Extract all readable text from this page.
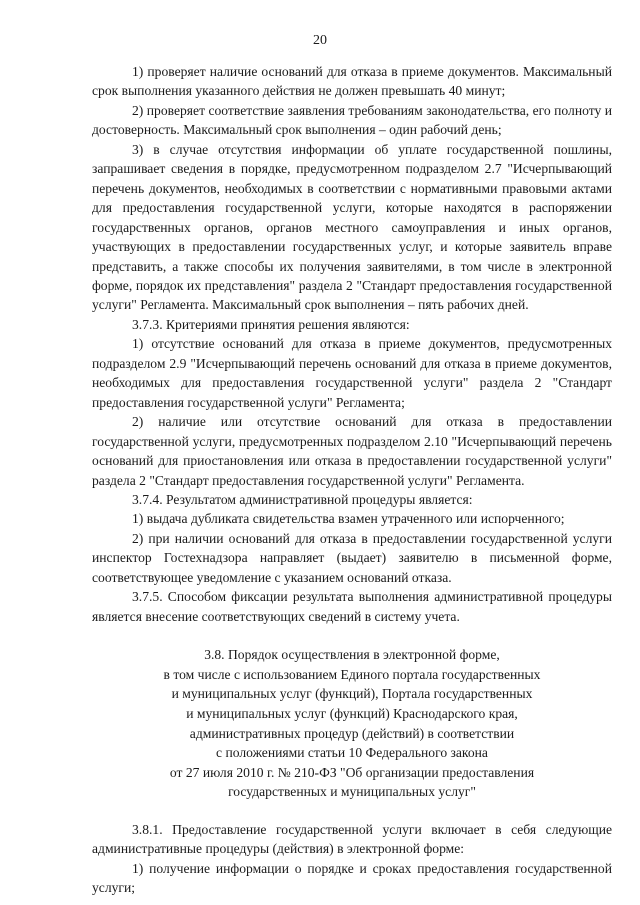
20

1) проверяет наличие оснований для отказа в приеме документов. Максимальный срок выполнения указанного действия не должен превышать 40 минут;

2) проверяет соответствие заявления требованиям законодательства, его полноту и достоверность. Максимальный срок выполнения – один рабочий день;

3) в случае отсутствия информации об уплате государственной пошлины, запрашивает сведения в порядке, предусмотренном подразделом 2.7 "Исчерпывающий перечень документов, необходимых в соответствии с нормативными правовыми актами для предоставления государственной услуги, которые находятся в распоряжении государственных органов, органов местного самоуправления и иных органов, участвующих в предоставлении государственных услуг, и которые заявитель вправе представить, а также способы их получения заявителями, в том числе в электронной форме, порядок их представления" раздела 2 "Стандарт предоставления государственной услуги" Регламента. Максимальный срок выполнения – пять рабочих дней.

3.7.3. Критериями принятия решения являются:

1) отсутствие оснований для отказа в приеме документов, предусмотренных подразделом 2.9 "Исчерпывающий перечень оснований для отказа в приеме документов, необходимых для предоставления государственной услуги" раздела 2 "Стандарт предоставления государственной услуги" Регламента;

2) наличие или отсутствие оснований для отказа в предоставлении государственной услуги, предусмотренных подразделом 2.10 "Исчерпывающий перечень оснований для приостановления или отказа в предоставлении государственной услуги" раздела 2 "Стандарт предоставления государственной услуги" Регламента.

3.7.4. Результатом административной процедуры является:

1) выдача дубликата свидетельства взамен утраченного или испорченного;

2) при наличии оснований для отказа в предоставлении государственной услуги инспектор Гостехнадзора направляет (выдает) заявителю в письменной форме, соответствующее уведомление с указанием оснований отказа.

3.7.5. Способом фиксации результата выполнения административной процедуры является внесение соответствующих сведений в систему учета.

3.8. Порядок осуществления в электронной форме,
в том числе с использованием Единого портала государственных
и муниципальных услуг (функций), Портала государственных
и муниципальных услуг (функций) Краснодарского края,
административных процедур (действий) в соответствии
с положениями статьи 10 Федерального закона
от 27 июля 2010 г. № 210-ФЗ "Об организации предоставления
государственных и муниципальных услуг"

3.8.1. Предоставление государственной услуги включает в себя следующие административные процедуры (действия) в электронной форме:

1) получение информации о порядке и сроках предоставления государственной услуги;
